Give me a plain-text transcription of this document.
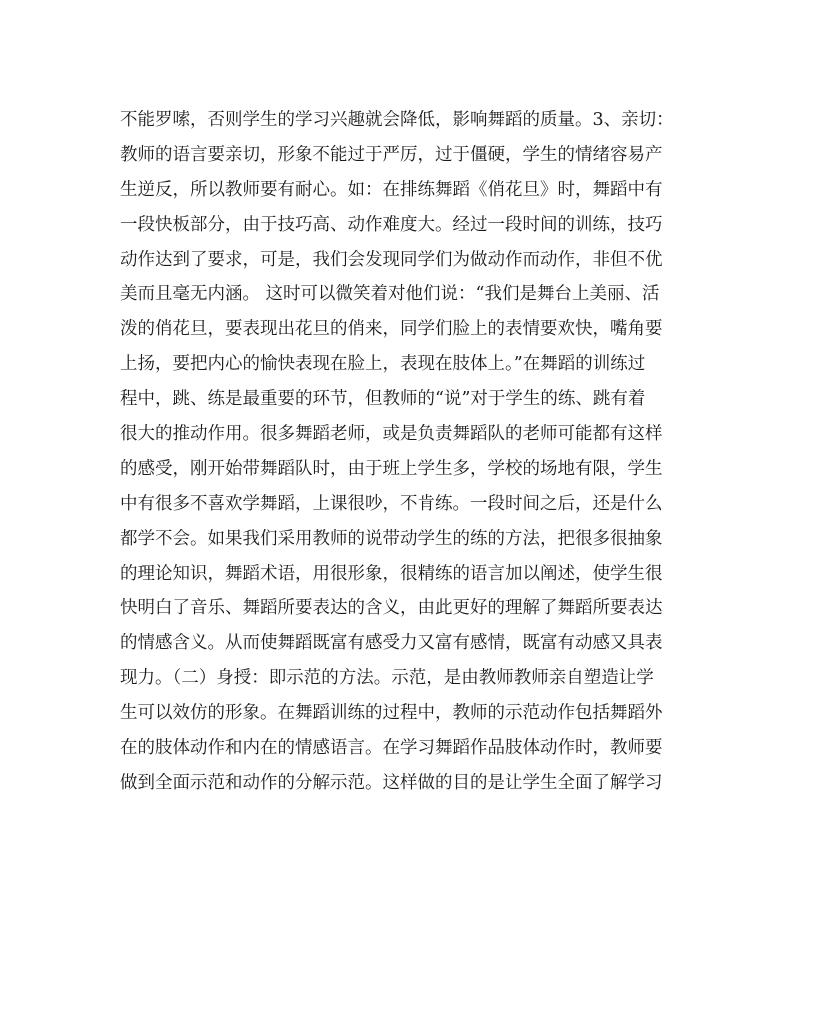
不能罗嗦，否则学生的学习兴趣就会降低，影响舞蹈的质量。3、亲切：
教师的语言要亲切，形象不能过于严厉，过于僵硬，学生的情绪容易产
生逆反，所以教师要有耐心。如：在排练舞蹈《俏花旦》时，舞蹈中有
一段快板部分，由于技巧高、动作难度大。经过一段时间的训练，技巧
动作达到了要求，可是，我们会发现同学们为做动作而动作，非但不优
美而且毫无内涵。 这时可以微笑着对他们说：“我们是舞台上美丽、活
泼的俏花旦，要表现出花旦的俏来，同学们脸上的表情要欢快，嘴角要
上扬，要把内心的愉快表现在脸上，表现在肢体上。”在舞蹈的训练过
程中，跳、练是最重要的环节，但教师的“说”对于学生的练、跳有着
很大的推动作用。很多舞蹈老师，或是负责舞蹈队的老师可能都有这样
的感受，刚开始带舞蹈队时，由于班上学生多，学校的场地有限，学生
中有很多不喜欢学舞蹈，上课很吵，不肯练。一段时间之后，还是什么
都学不会。如果我们采用教师的说带动学生的练的方法，把很多很抽象
的理论知识，舞蹈术语，用很形象，很精练的语言加以阐述，使学生很
快明白了音乐、舞蹈所要表达的含义，由此更好的理解了舞蹈所要表达
的情感含义。从而使舞蹈既富有感受力又富有感情，既富有动感又具表
现力。（二）身授：即示范的方法。示范，是由教师教师亲自塑造让学
生可以效仿的形象。在舞蹈训练的过程中，教师的示范动作包括舞蹈外
在的肢体动作和内在的情感语言。在学习舞蹈作品肢体动作时，教师要
做到全面示范和动作的分解示范。这样做的目的是让学生全面了解学习
